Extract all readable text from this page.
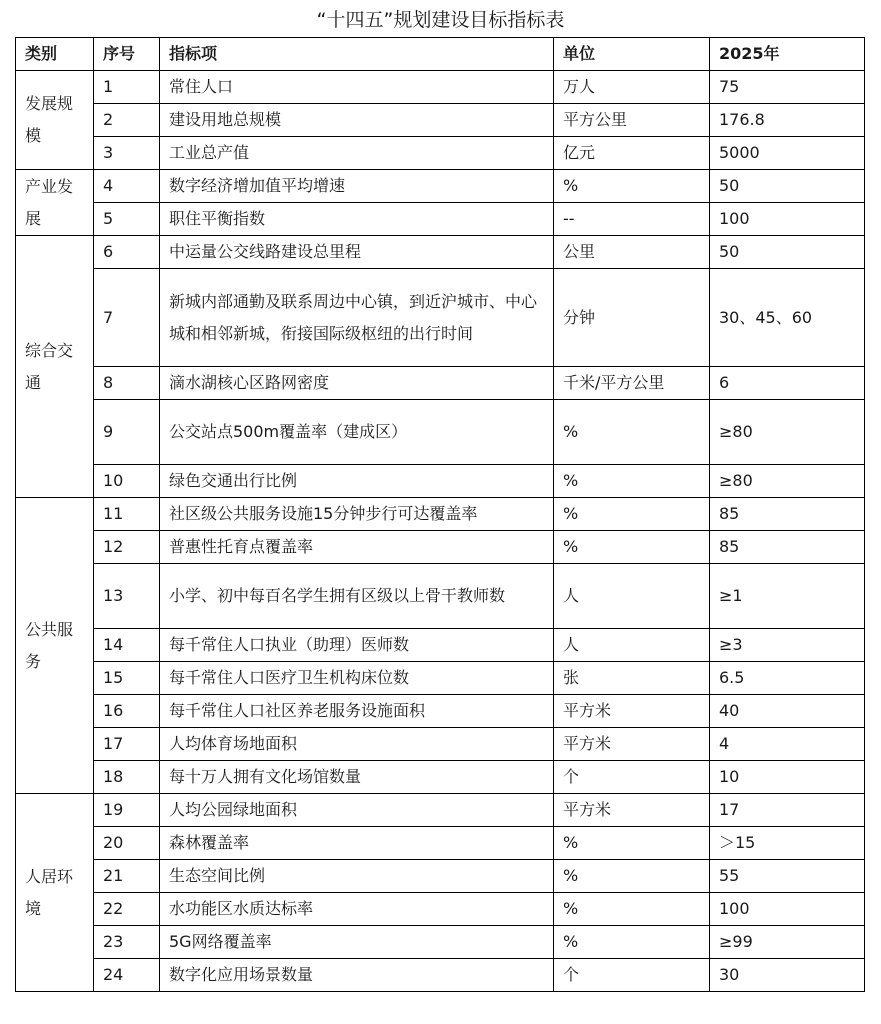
“十四五”规划建设目标指标表
类别	序号	指标项	单位	2025年
发展规模	1	常住人口	万人	75
	2	建设用地总规模	平方公里	176.8
	3	工业总产值	亿元	5000
产业发展	4	数字经济增加值平均增速	%	50
	5	职住平衡指数	--	100
综合交通	6	中运量公交线路建设总里程	公里	50
	7	新城内部通勤及联系周边中心镇，到近沪城市、中心城和相邻新城，衔接国际级枢纽的出行时间	分钟	30、45、60
	8	滴水湖核心区路网密度	千米/平方公里	6
	9	公交站点500m覆盖率（建成区）	%	≥80
	10	绿色交通出行比例	%	≥80
公共服务	11	社区级公共服务设施15分钟步行可达覆盖率	%	85
	12	普惠性托育点覆盖率	%	85
	13	小学、初中每百名学生拥有区级以上骨干教师数	人	≥1
	14	每千常住人口执业（助理）医师数	人	≥3
	15	每千常住人口医疗卫生机构床位数	张	6.5
	16	每千常住人口社区养老服务设施面积	平方米	40
	17	人均体育场地面积	平方米	4
	18	每十万人拥有文化场馆数量	个	10
人居环境	19	人均公园绿地面积	平方米	17
	20	森林覆盖率	%	＞15
	21	生态空间比例	%	55
	22	水功能区水质达标率	%	100
	23	5G网络覆盖率	%	≥99
	24	数字化应用场景数量	个	30
